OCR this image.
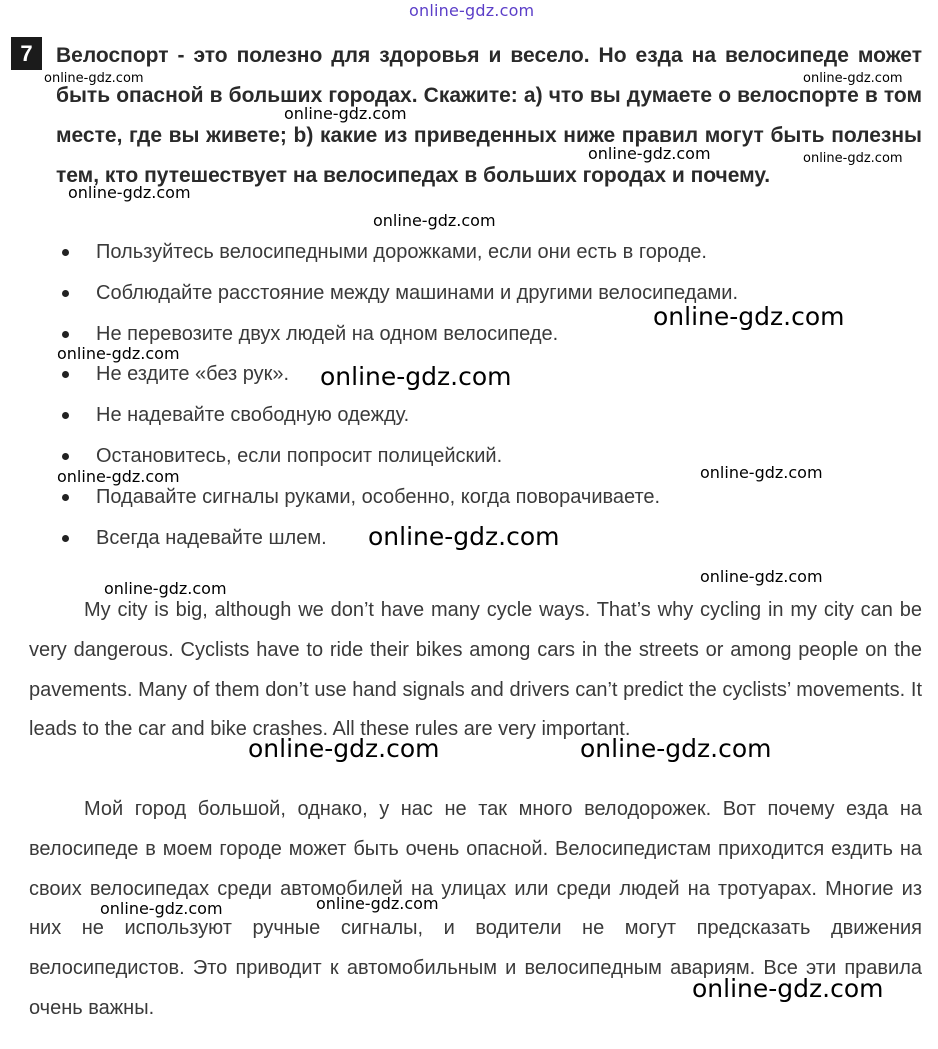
7	Велоспорт - это полезно для здоровья и весело. Но езда на велосипеде может быть опасной в больших городах. Скажите: а) что вы думаете о велоспорте в том месте, где вы живете; b) какие из приведенных ниже правил могут быть полезны тем, кто путешествует на велосипедах в больших городах и почему.
Пользуйтесь велосипедными дорожками, если они есть в городе.
Соблюдайте расстояние между машинами и другими велосипедами.
Не перевозите двух людей на одном велосипеде.
Не ездите «без рук».
Не надевайте свободную одежду.
Остановитесь, если попросит полицейский.
Подавайте сигналы руками, особенно, когда поворачиваете.
Всегда надевайте шлем.

My city is big, although we don’t have many cycle ways. That’s why cycling in my city can be very dangerous. Cyclists have to ride their bikes among cars in the streets or among people on the pavements. Many of them don’t use hand signals and drivers can’t predict the cyclists’ movements. It leads to the car and bike crashes. All these rules are very important.

Мой город большой, однако, у нас не так много велодорожек. Вот почему езда на велосипеде в моем городе может быть очень опасной. Велосипедистам приходится ездить на своих велосипедах среди автомобилей на улицах или среди людей на тротуарах. Многие из них не используют ручные сигналы, и водители не могут предсказать движения велосипедистов. Это приводит к автомобильным и велосипедным авариям. Все эти правила очень важны.

online-gdz.com
online-gdz.com	online-gdz.com
online-gdz.com
online-gdz.com	online-gdz.com
online-gdz.com
online-gdz.com
online-gdz.com
online-gdz.com
online-gdz.com
online-gdz.com
online-gdz.com
online-gdz.com
online-gdz.com
online-gdz.com
online-gdz.com	online-gdz.com
online-gdz.com
online-gdz.com
online-gdz.com
